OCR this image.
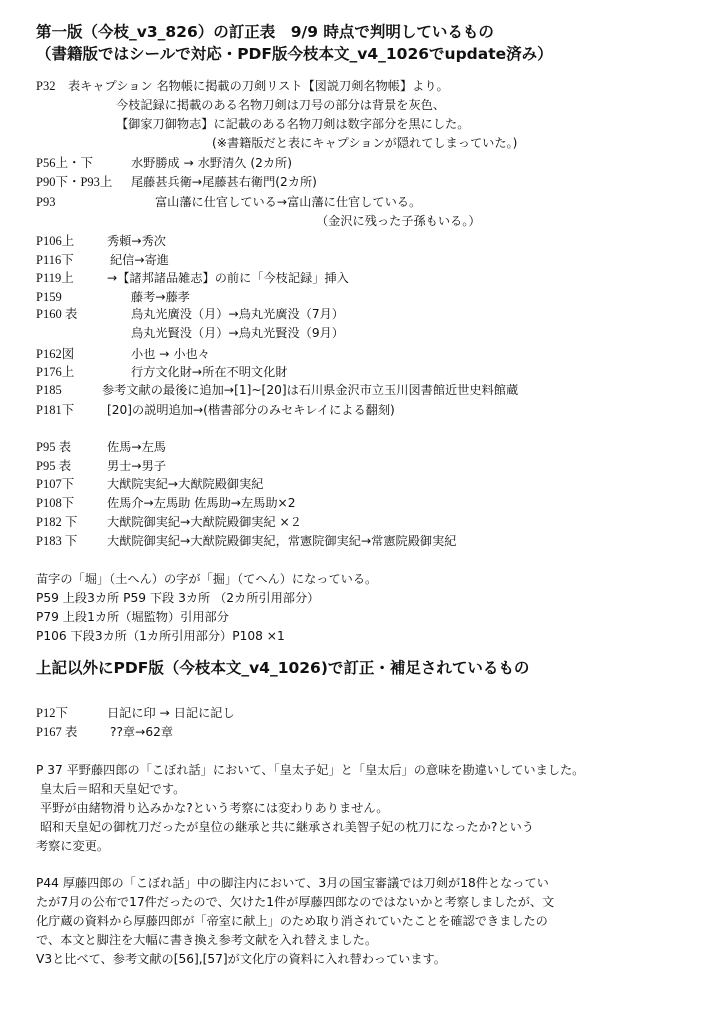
第一版（今枝_v3_826）の訂正表　9/9 時点で判明しているもの
（書籍版ではシールで対応・PDF版今枝本文_v4_1026でupdate済み）
P32 表キャプション 名物帳に掲載の刀剣リスト【図説刀剣名物帳】より。
今枝記録に掲載のある名物刀剣は刀号の部分は背景を灰色、
【御家刀御物志】に記載のある名物刀剣は数字部分を黒にした。
(※書籍版だと表にキャプションが隠れてしまっていた。)
P56上・下	水野勝成 → 水野清久 (2カ所)
P90下・P93上 尾藤甚兵衛→尾藤甚右衛門(2カ所)
P93	富山藩に仕官している→富山藩に仕官している。
（金沢に残った子孫もいる。）
P106上	秀頼→秀次
P116下	紀信→寄進
P119上	→【諸邦諸品雑志】の前に「今枝記録」挿入
P159	藤考→藤孝
P160 表	烏丸光廣没（月）→烏丸光廣没（7月）
烏丸光賢没（月）→烏丸光賢没（9月）
P162図	小也 → 小也々
P176上	行方文化財→所在不明文化財
P185	参考文献の最後に追加→[1]~[20]は石川県金沢市立玉川図書館近世史料館蔵
P181下	[20]の説明追加→(楷書部分のみセキレイによる翻刻)
P95 表	佐馬→左馬
P95 表	男士→男子
P107下	大猷院実紀→大猷院殿御実紀
P108下	佐馬介→左馬助 佐馬助→左馬助×2
P182 下 大猷院御実紀→大猷院殿御実紀 ×２
P183 下 大猷院御実紀→大猷院殿御実紀，常憲院御実紀→常憲院殿御実紀
苗字の「堀」（土へん）の字が「掘」（てへん）になっている。
P59 上段3カ所 P59 下段 3カ所 （2カ所引用部分）
P79 上段1カ所（堀監物）引用部分
P106 下段3カ所（1カ所引用部分）P108 ×1
上記以外にPDF版（今枝本文_v4_1026)で訂正・補足されているもの
P12下	日記に印 → 日記に記し
P167 表	??章→62章
P 37 平野藤四郎の「こぼれ話」において、「皇太子妃」と「皇太后」の意味を勘違いしていました。
皇太后＝昭和天皇妃です。
平野が由緒物滑り込みかな?という考察には変わりありません。
昭和天皇妃の御枕刀だったが皇位の継承と共に継承され美智子妃の枕刀になったか?という
考察に変更。
P44 厚藤四郎の「こぼれ話」中の脚注内において、3月の国宝審議では刀剣が18件となってい
たが7月の公布で17件だったので、欠けた1件が厚藤四郎なのではないかと考察しましたが、文
化庁蔵の資料から厚藤四郎が「帝室に献上」のため取り消されていたことを確認できましたの
で、本文と脚注を大幅に書き換え参考文献を入れ替えました。
V3と比べて、参考文献の[56],[57]が文化庁の資料に入れ替わっています。
